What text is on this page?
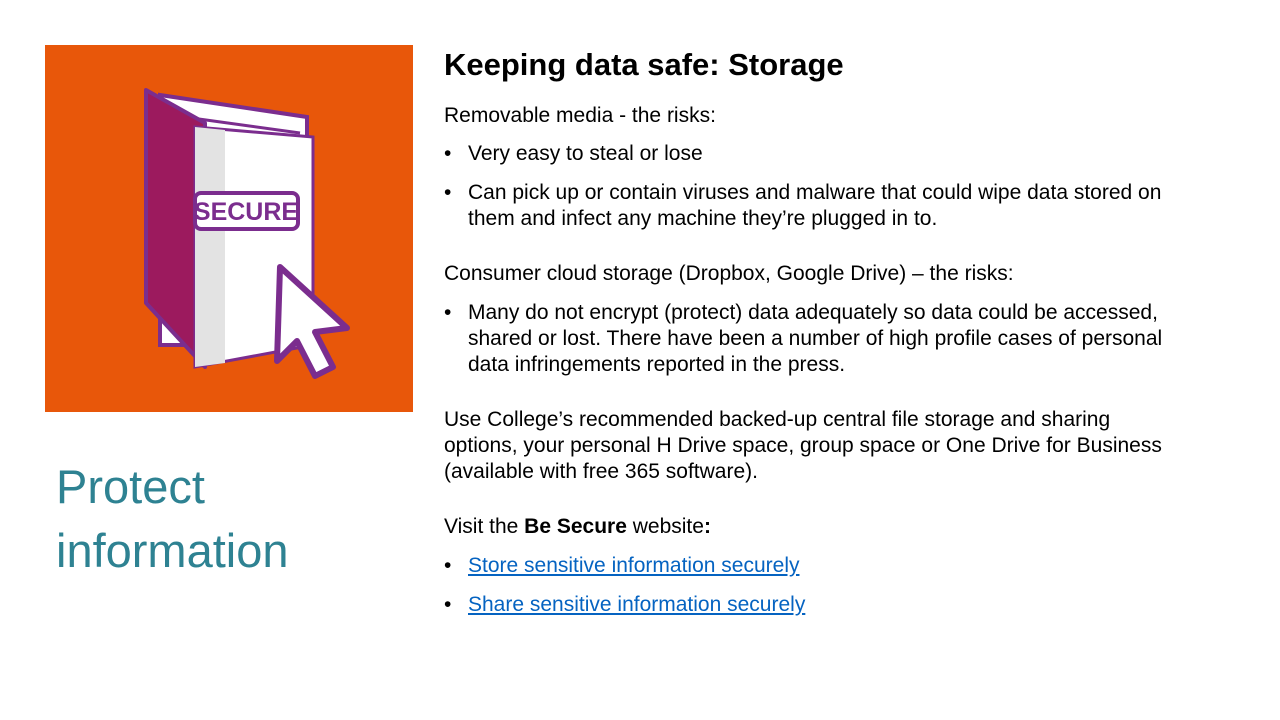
SECURE
Protect
information
Keeping data safe: Storage

Removable media - the risks:

• Very easy to steal or lose
• Can pick up or contain viruses and malware that could wipe data stored on them and infect any machine they’re plugged in to.

Consumer cloud storage (Dropbox, Google Drive) – the risks:

• Many do not encrypt (protect) data adequately so data could be accessed, shared or lost. There have been a number of high profile cases of personal data infringements reported in the press.

Use College’s recommended backed-up central file storage and sharing options, your personal H Drive space, group space or One Drive for Business (available with free 365 software).

Visit the Be Secure website:

• Store sensitive information securely
• Share sensitive information securely
